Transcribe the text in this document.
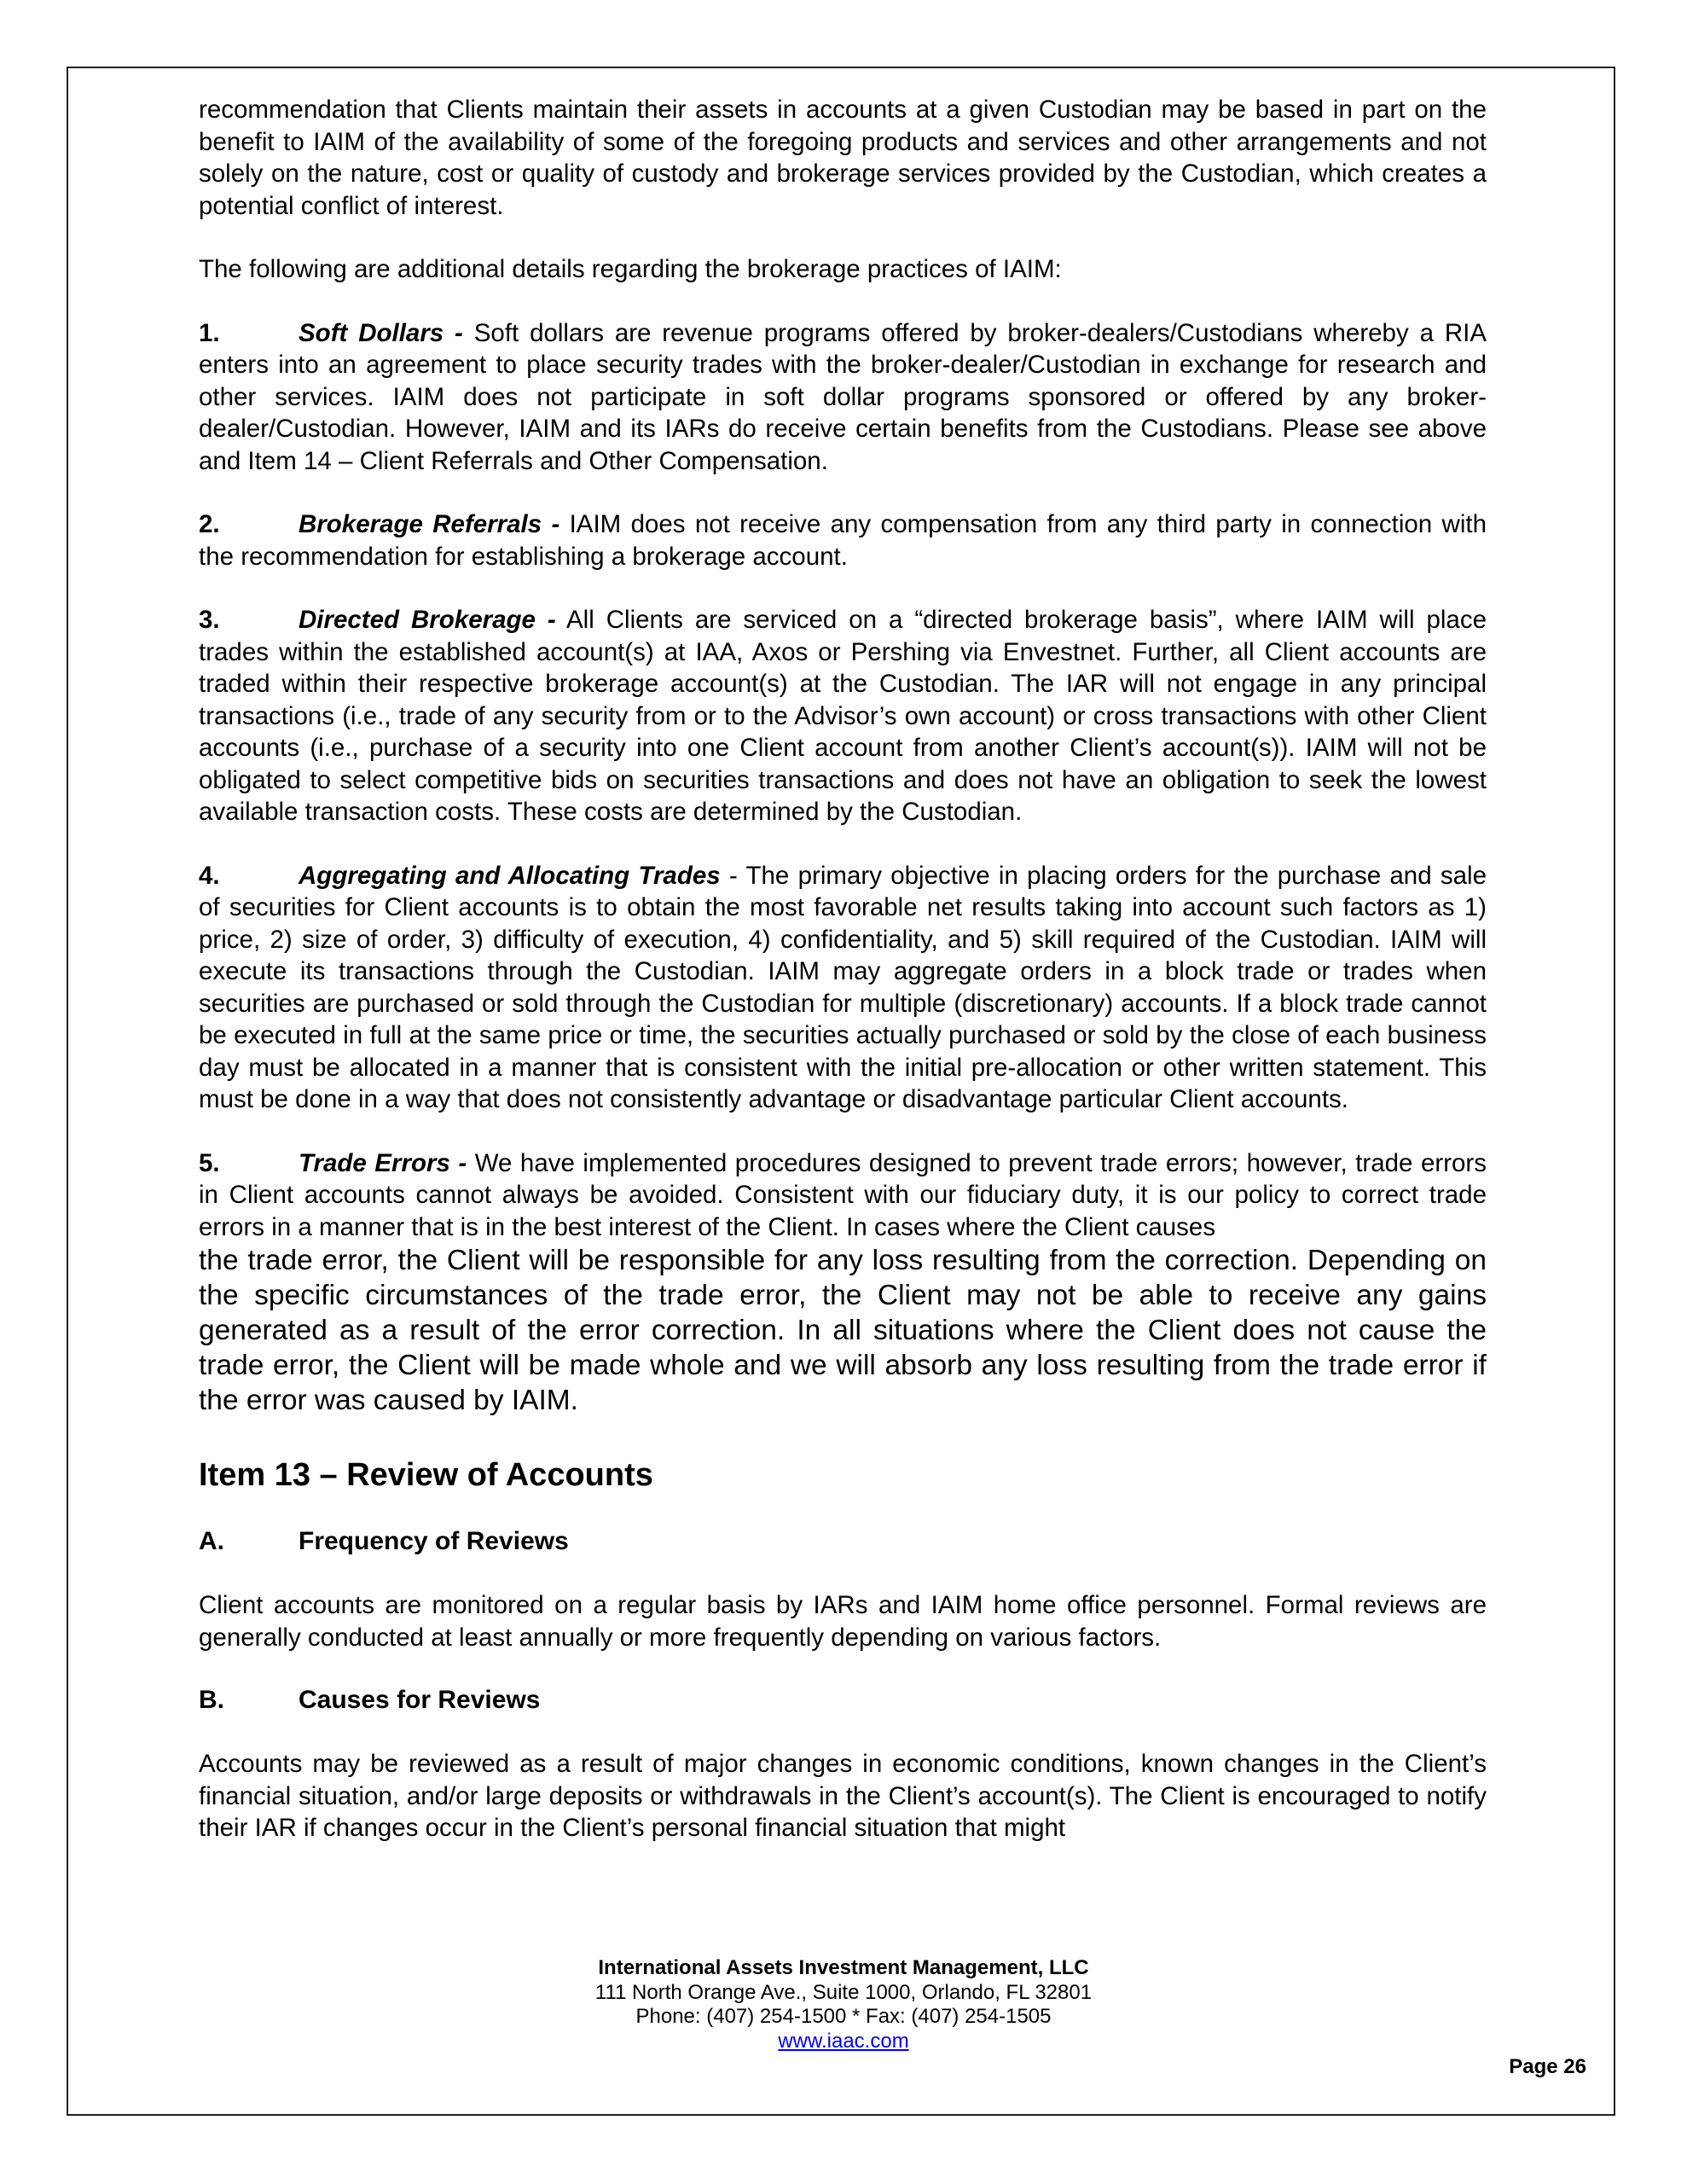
recommendation that Clients maintain their assets in accounts at a given Custodian may be based in part on the benefit to IAIM of the availability of some of the foregoing products and services and other arrangements and not solely on the nature, cost or quality of custody and brokerage services provided by the Custodian, which creates a potential conflict of interest.

The following are additional details regarding the brokerage practices of IAIM:

1.	Soft Dollars - Soft dollars are revenue programs offered by broker-dealers/Custodians whereby a RIA enters into an agreement to place security trades with the broker-dealer/Custodian in exchange for research and other services. IAIM does not participate in soft dollar programs sponsored or offered by any broker-dealer/Custodian. However, IAIM and its IARs do receive certain benefits from the Custodians. Please see above and Item 14 – Client Referrals and Other Compensation.

2.	Brokerage Referrals - IAIM does not receive any compensation from any third party in connection with the recommendation for establishing a brokerage account.

3.	Directed Brokerage - All Clients are serviced on a “directed brokerage basis”, where IAIM will place trades within the established account(s) at IAA, Axos or Pershing via Envestnet. Further, all Client accounts are traded within their respective brokerage account(s) at the Custodian. The IAR will not engage in any principal transactions (i.e., trade of any security from or to the Advisor’s own account) or cross transactions with other Client accounts (i.e., purchase of a security into one Client account from another Client’s account(s)). IAIM will not be obligated to select competitive bids on securities transactions and does not have an obligation to seek the lowest available transaction costs. These costs are determined by the Custodian.

4.	Aggregating and Allocating Trades - The primary objective in placing orders for the purchase and sale of securities for Client accounts is to obtain the most favorable net results taking into account such factors as 1) price, 2) size of order, 3) difficulty of execution, 4) confidentiality, and 5) skill required of the Custodian. IAIM will execute its transactions through the Custodian. IAIM may aggregate orders in a block trade or trades when securities are purchased or sold through the Custodian for multiple (discretionary) accounts. If a block trade cannot be executed in full at the same price or time, the securities actually purchased or sold by the close of each business day must be allocated in a manner that is consistent with the initial pre-allocation or other written statement. This must be done in a way that does not consistently advantage or disadvantage particular Client accounts.

5.	Trade Errors - We have implemented procedures designed to prevent trade errors; however, trade errors in Client accounts cannot always be avoided. Consistent with our fiduciary duty, it is our policy to correct trade errors in a manner that is in the best interest of the Client. In cases where the Client causes

the trade error, the Client will be responsible for any loss resulting from the correction. Depending on the specific circumstances of the trade error, the Client may not be able to receive any gains generated as a result of the error correction. In all situations where the Client does not cause the trade error, the Client will be made whole and we will absorb any loss resulting from the trade error if the error was caused by IAIM.

Item 13 – Review of Accounts
A.	Frequency of Reviews

Client accounts are monitored on a regular basis by IARs and IAIM home office personnel. Formal reviews are generally conducted at least annually or more frequently depending on various factors.

B.	Causes for Reviews

Accounts may be reviewed as a result of major changes in economic conditions, known changes in the Client’s financial situation, and/or large deposits or withdrawals in the Client’s account(s). The Client is encouraged to notify their IAR if changes occur in the Client’s personal financial situation that might

International Assets Investment Management, LLC
111 North Orange Ave., Suite 1000, Orlando, FL 32801
Phone: (407) 254-1500 * Fax: (407) 254-1505
www.iaac.com
Page 26
